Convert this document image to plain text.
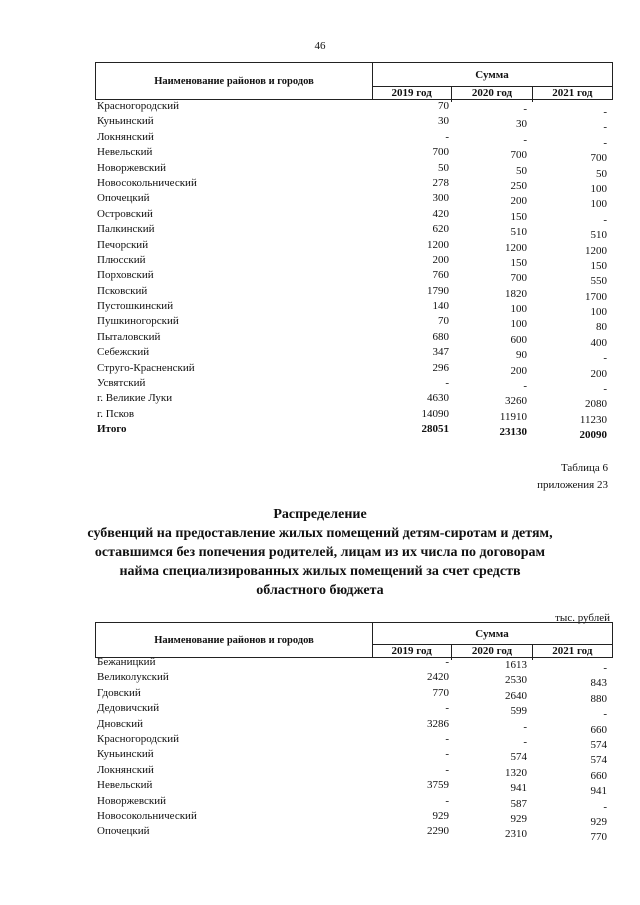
46
Наименование районов и городов	Сумма
2019 год	2020 год	2021 год
Красногородский	70	-	-
Куньинский	30	30	-
Локнянский	-	-	-
Невельский	700	700	700
Новоржевский	50	50	50
Новосокольнический	278	250	100
Опочецкий	300	200	100
Островский	420	150	-
Палкинский	620	510	510
Печорский	1200	1200	1200
Плюсский	200	150	150
Порховский	760	700	550
Псковский	1790	1820	1700
Пустошкинский	140	100	100
Пушкиногорский	70	100	80
Пыталовский	680	600	400
Себежский	347	90	-
Струго-Красненский	296	200	200
Усвятский	-	-	-
г. Великие Луки	4630	3260	2080
г. Псков	14090	11910	11230
Итого	28051	23130	20090
Таблица 6
приложения 23
Распределение
субвенций на предоставление жилых помещений детям-сиротам и детям,
оставшимся без попечения родителей, лицам из их числа по договорам
найма специализированных жилых помещений за счет средств
областного бюджета
тыс. рублей
Наименование районов и городов	Сумма
2019 год	2020 год	2021 год
Бежаницкий	-	1613	-
Великолукский	2420	2530	843
Гдовский	770	2640	880
Дедовичский	-	599	-
Дновский	3286	-	660
Красногородский	-	-	574
Куньинский	-	574	574
Локнянский	-	1320	660
Невельский	3759	941	941
Новоржевский	-	587	-
Новосокольнический	929	929	929
Опочецкий	2290	2310	770
